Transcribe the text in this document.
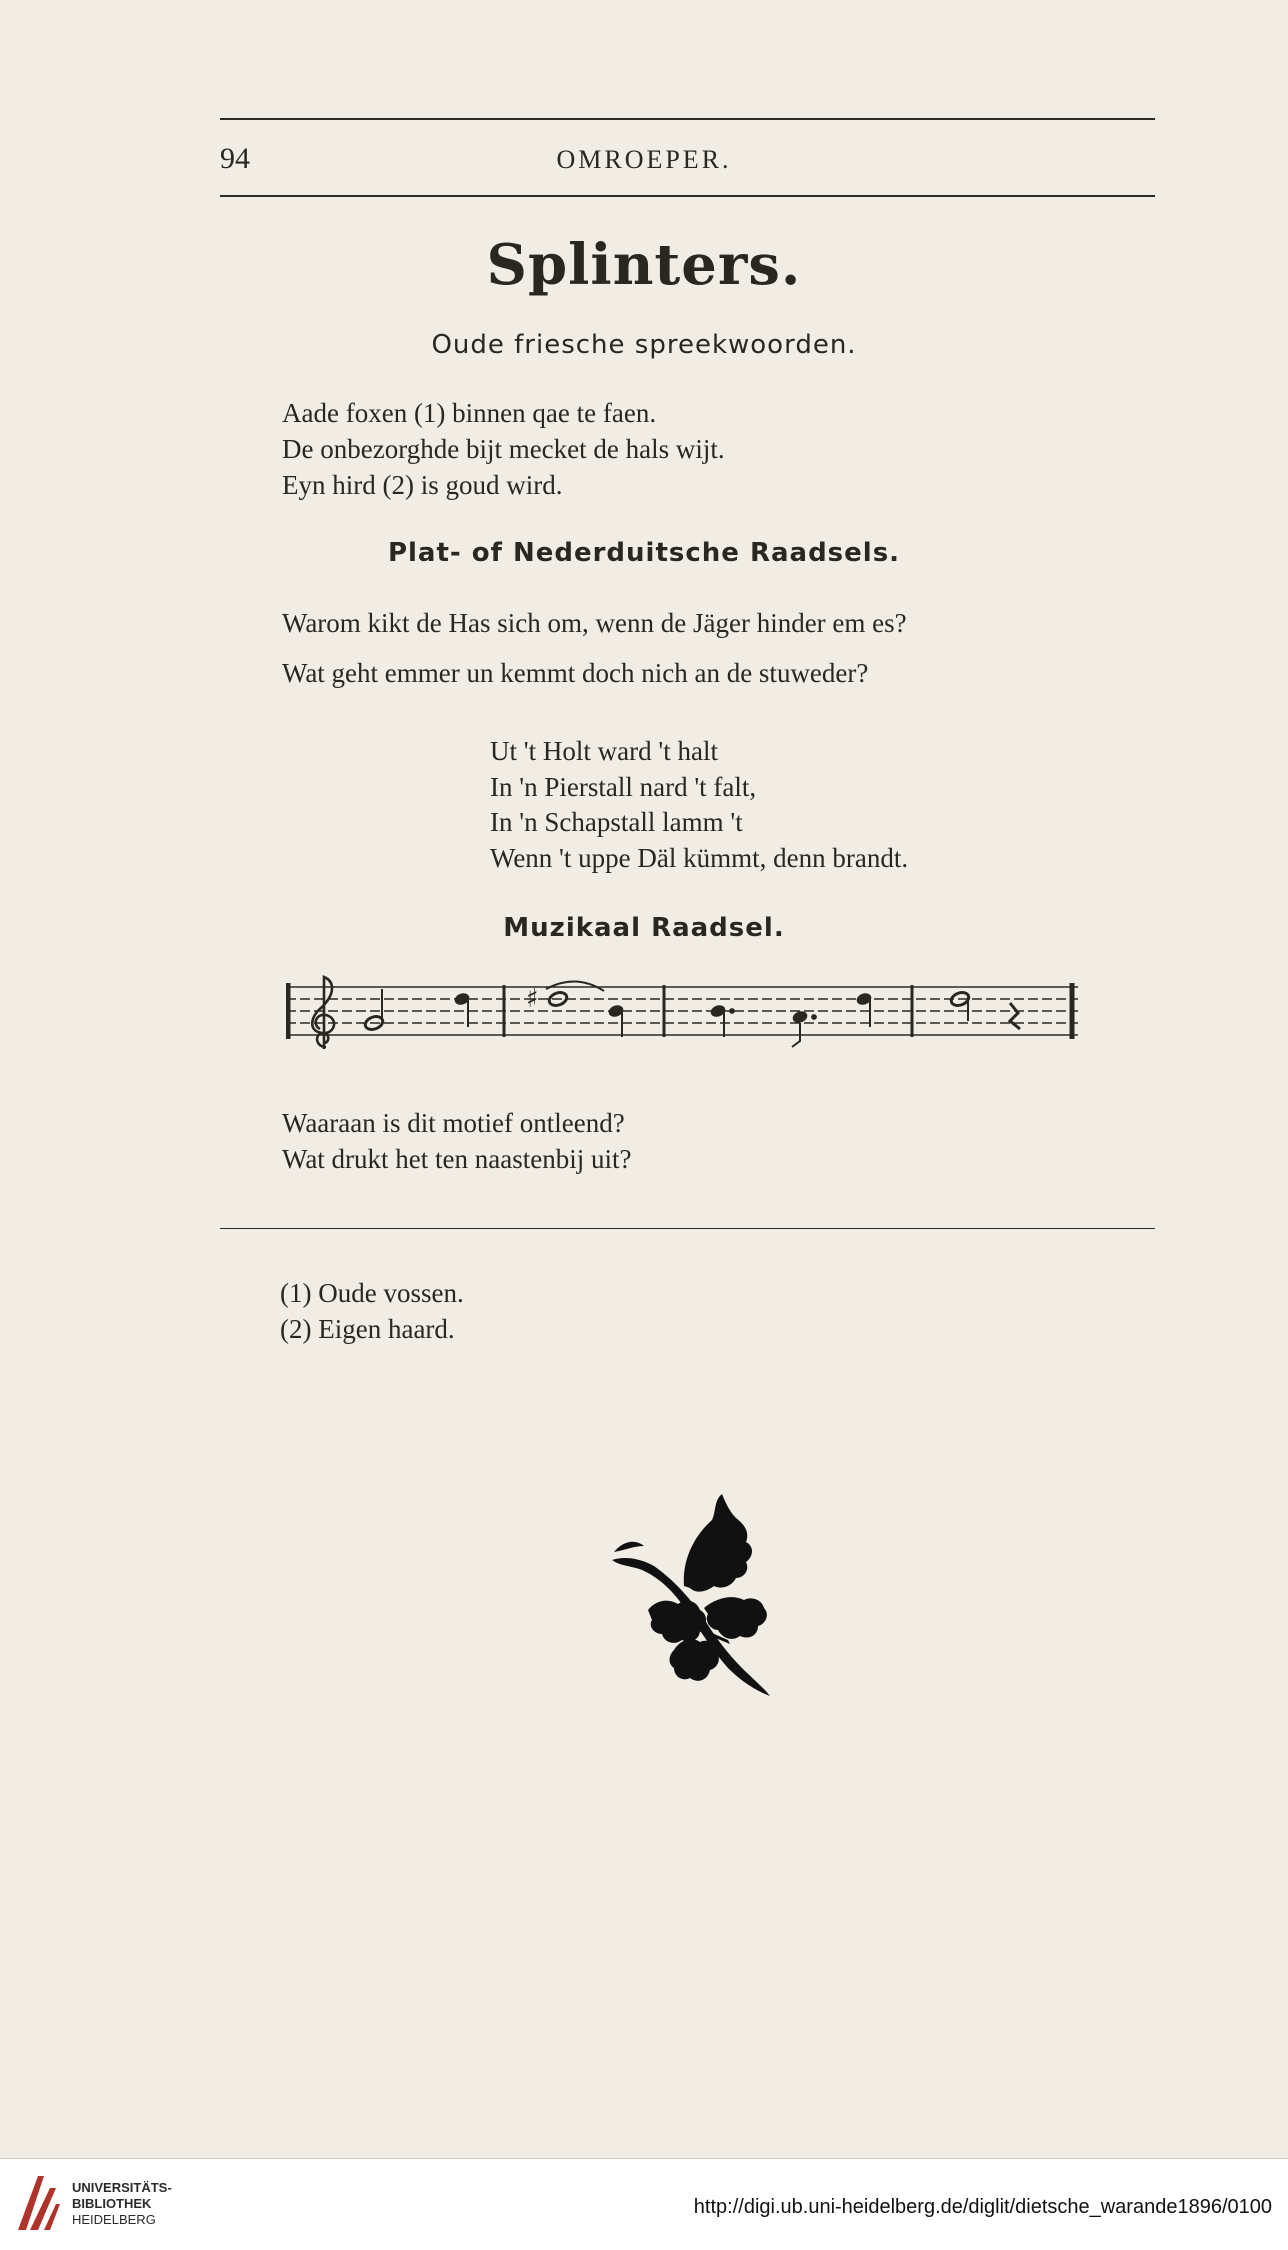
94	OMROEPER.
Splinters.
Oude friesche spreekwoorden.
Aade foxen (1) binnen qae te faen.
De onbezorghde bijt mecket de hals wijt.
Eyn hird (2) is goud wird.
Plat- of Nederduitsche Raadsels.
Warom kikt de Has sich om, wenn de Jäger hinder em es?
Wat geht emmer un kemmt doch nich an de stuweder?
Ut 't Holt ward 't halt
In 'n Pierstall nard 't falt,
In 'n Schapstall lamm 't
Wenn 't uppe Däl kümmt, denn brandt.
Muzikaal Raadsel.
♯
Waaraan is dit motief ontleend?
Wat drukt het ten naastenbij uit?
(1) Oude vossen.
(2) Eigen haard.
UNIVERSITÄTS-
BIBLIOTHEK
HEIDELBERG
http://digi.ub.uni-heidelberg.de/diglit/dietsche_warande1896/0100
